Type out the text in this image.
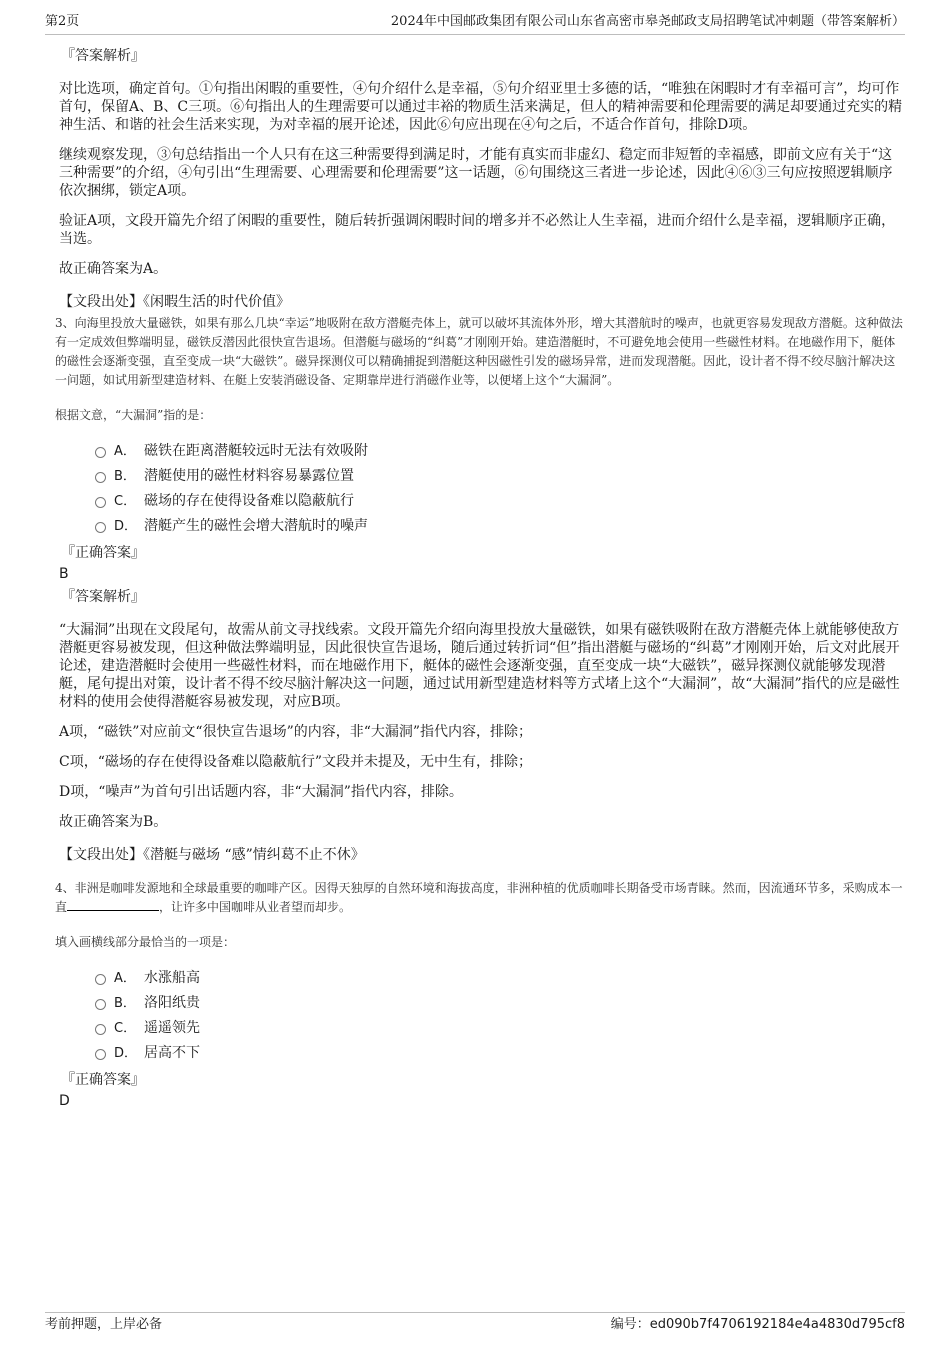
第2页	2024年中国邮政集团有限公司山东省高密市皋尧邮政支局招聘笔试冲刺题（带答案解析）
『答案解析』
对比选项，确定首句。①句指出闲暇的重要性，④句介绍什么是幸福，⑤句介绍亚里士多德的话，“唯独在闲暇时才有幸福可言”，均可作首句，保留A、B、C三项。⑥句指出人的生理需要可以通过丰裕的物质生活来满足，但人的精神需要和伦理需要的满足却要通过充实的精神生活、和谐的社会生活来实现，为对幸福的展开论述，因此⑥句应出现在④句之后，不适合作首句，排除D项。
继续观察发现，③句总结指出一个人只有在这三种需要得到满足时，才能有真实而非虚幻、稳定而非短暂的幸福感，即前文应有关于“这三种需要”的介绍，④句引出“生理需要、心理需要和伦理需要”这一话题，⑥句围绕这三者进一步论述，因此④⑥③三句应按照逻辑顺序依次捆绑，锁定A项。
验证A项，文段开篇先介绍了闲暇的重要性，随后转折强调闲暇时间的增多并不必然让人生幸福，进而介绍什么是幸福，逻辑顺序正确，当选。
故正确答案为A。
【文段出处】《闲暇生活的时代价值》
3、向海里投放大量磁铁，如果有那么几块“幸运”地吸附在敌方潜艇壳体上，就可以破坏其流体外形，增大其潜航时的噪声，也就更容易发现敌方潜艇。这种做法有一定成效但弊端明显，磁铁反潜因此很快宣告退场。但潜艇与磁场的“纠葛”才刚刚开始。建造潜艇时，不可避免地会使用一些磁性材料。在地磁作用下，艇体的磁性会逐渐变强，直至变成一块“大磁铁”。磁异探测仪可以精确捕捉到潜艇这种因磁性引发的磁场异常，进而发现潜艇。因此，设计者不得不绞尽脑汁解决这一问题，如试用新型建造材料、在艇上安装消磁设备、定期靠岸进行消磁作业等，以便堵上这个“大漏洞”。
根据文意，“大漏洞”指的是：
A． 磁铁在距离潜艇较远时无法有效吸附
B． 潜艇使用的磁性材料容易暴露位置
C． 磁场的存在使得设备难以隐蔽航行
D． 潜艇产生的磁性会增大潜航时的噪声
『正确答案』
B
『答案解析』
“大漏洞”出现在文段尾句，故需从前文寻找线索。文段开篇先介绍向海里投放大量磁铁，如果有磁铁吸附在敌方潜艇壳体上就能够使敌方潜艇更容易被发现，但这种做法弊端明显，因此很快宣告退场，随后通过转折词“但”指出潜艇与磁场的“纠葛”才刚刚开始，后文对此展开论述，建造潜艇时会使用一些磁性材料，而在地磁作用下，艇体的磁性会逐渐变强，直至变成一块“大磁铁”，磁异探测仪就能够发现潜艇，尾句提出对策，设计者不得不绞尽脑汁解决这一问题，通过试用新型建造材料等方式堵上这个“大漏洞”，故“大漏洞”指代的应是磁性材料的使用会使得潜艇容易被发现，对应B项。
A项，“磁铁”对应前文“很快宣告退场”的内容，非“大漏洞”指代内容，排除；
C项，“磁场的存在使得设备难以隐蔽航行”文段并未提及，无中生有，排除；
D项，“噪声”为首句引出话题内容，非“大漏洞”指代内容，排除。
故正确答案为B。
【文段出处】《潜艇与磁场 “感”情纠葛不止不休》
4、非洲是咖啡发源地和全球最重要的咖啡产区。因得天独厚的自然环境和海拔高度，非洲种植的优质咖啡长期备受市场青睐。然而，因流通环节多，采购成本一直	，让许多中国咖啡从业者望而却步。
填入画横线部分最恰当的一项是：
A． 水涨船高
B． 洛阳纸贵
C． 遥遥领先
D． 居高不下
『正确答案』
D
考前押题，上岸必备	编号：ed090b7f4706192184e4a4830d795cf8
